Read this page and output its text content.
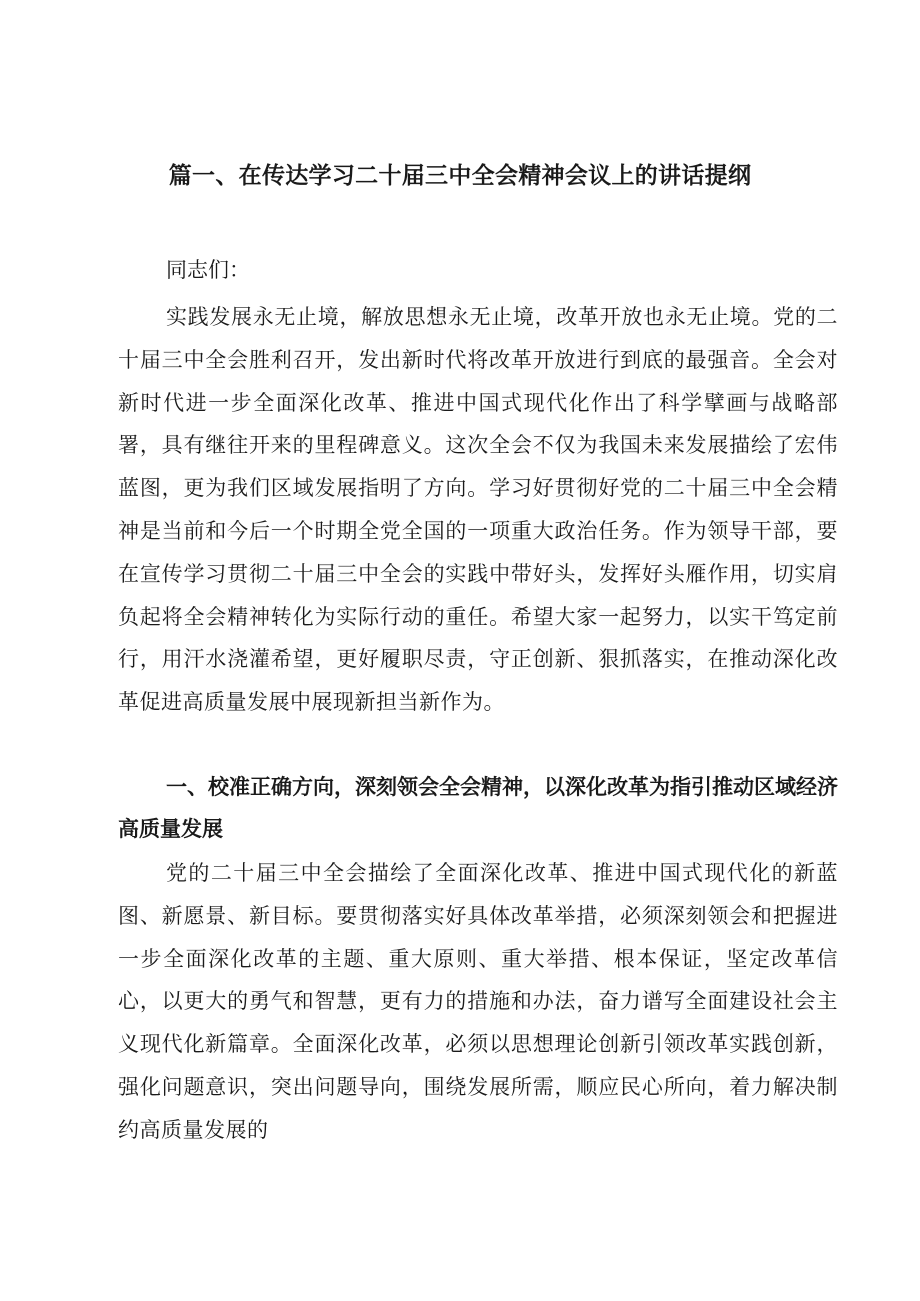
篇一、在传达学习二十届三中全会精神会议上的讲话提纲

同志们：

实践发展永无止境，解放思想永无止境，改革开放也永无止境。党的二十届三中全会胜利召开，发出新时代将改革开放进行到底的最强音。全会对新时代进一步全面深化改革、推进中国式现代化作出了科学擘画与战略部署，具有继往开来的里程碑意义。这次全会不仅为我国未来发展描绘了宏伟蓝图，更为我们区域发展指明了方向。学习好贯彻好党的二十届三中全会精神是当前和今后一个时期全党全国的一项重大政治任务。作为领导干部，要在宣传学习贯彻二十届三中全会的实践中带好头，发挥好头雁作用，切实肩负起将全会精神转化为实际行动的重任。希望大家一起努力，以实干笃定前行，用汗水浇灌希望，更好履职尽责，守正创新、狠抓落实，在推动深化改革促进高质量发展中展现新担当新作为。

一、校准正确方向，深刻领会全会精神，以深化改革为指引推动区域经济高质量发展

党的二十届三中全会描绘了全面深化改革、推进中国式现代化的新蓝图、新愿景、新目标。要贯彻落实好具体改革举措，必须深刻领会和把握进一步全面深化改革的主题、重大原则、重大举措、根本保证，坚定改革信心，以更大的勇气和智慧，更有力的措施和办法，奋力谱写全面建设社会主义现代化新篇章。全面深化改革，必须以思想理论创新引领改革实践创新，强化问题意识，突出问题导向，围绕发展所需，顺应民心所向，着力解决制约高质量发展的
